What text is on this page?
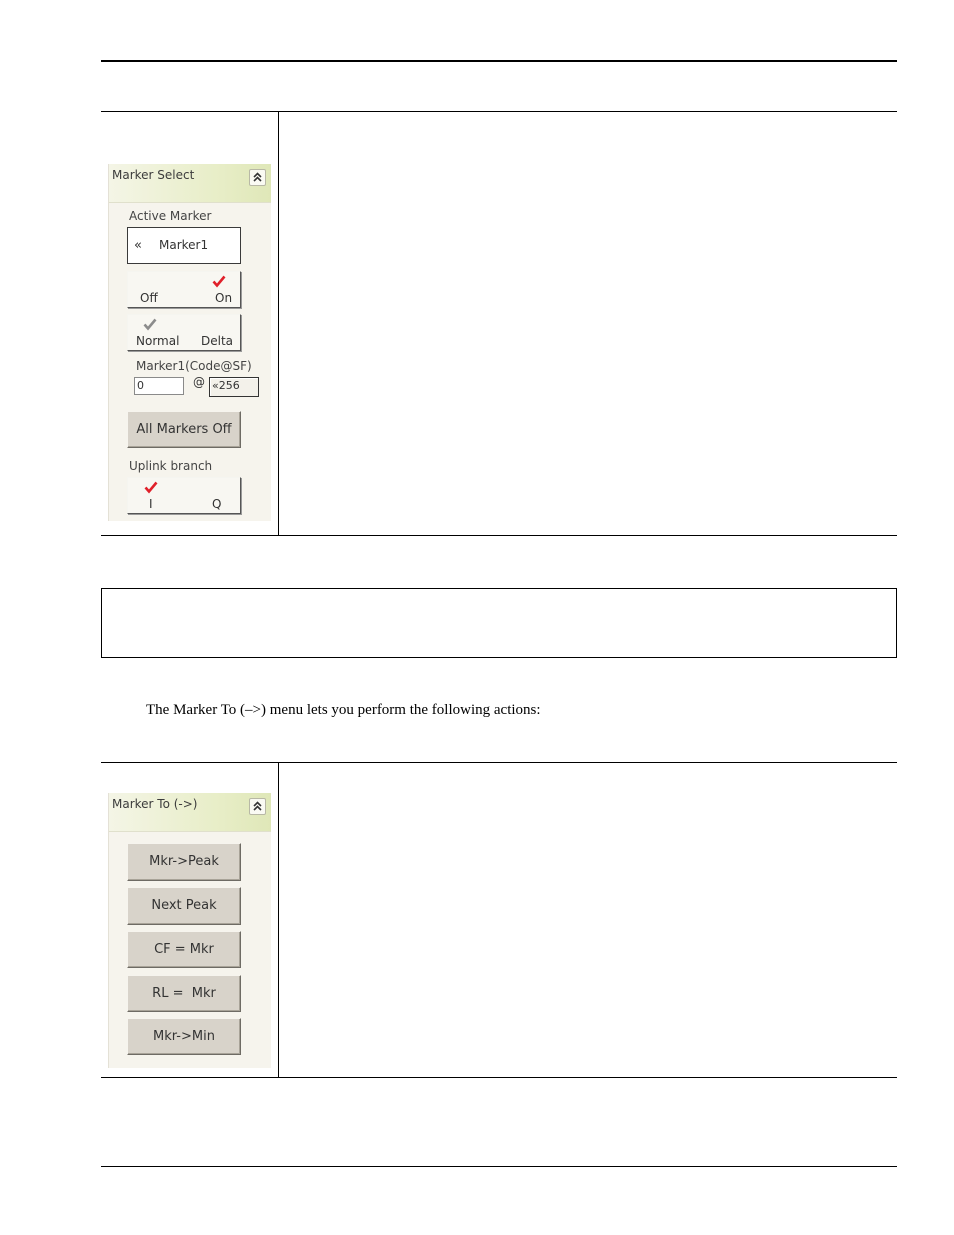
Marker Select
Active Marker
« Marker1
Off	On
Normal Delta
Marker1(Code@SF)
0	@ «256
All Markers Off
Uplink branch
I	Q
The Marker To (–>) menu lets you perform the following actions:
Marker To (->)
Mkr->Peak
Next Peak
CF = Mkr
RL =  Mkr
Mkr->Min
